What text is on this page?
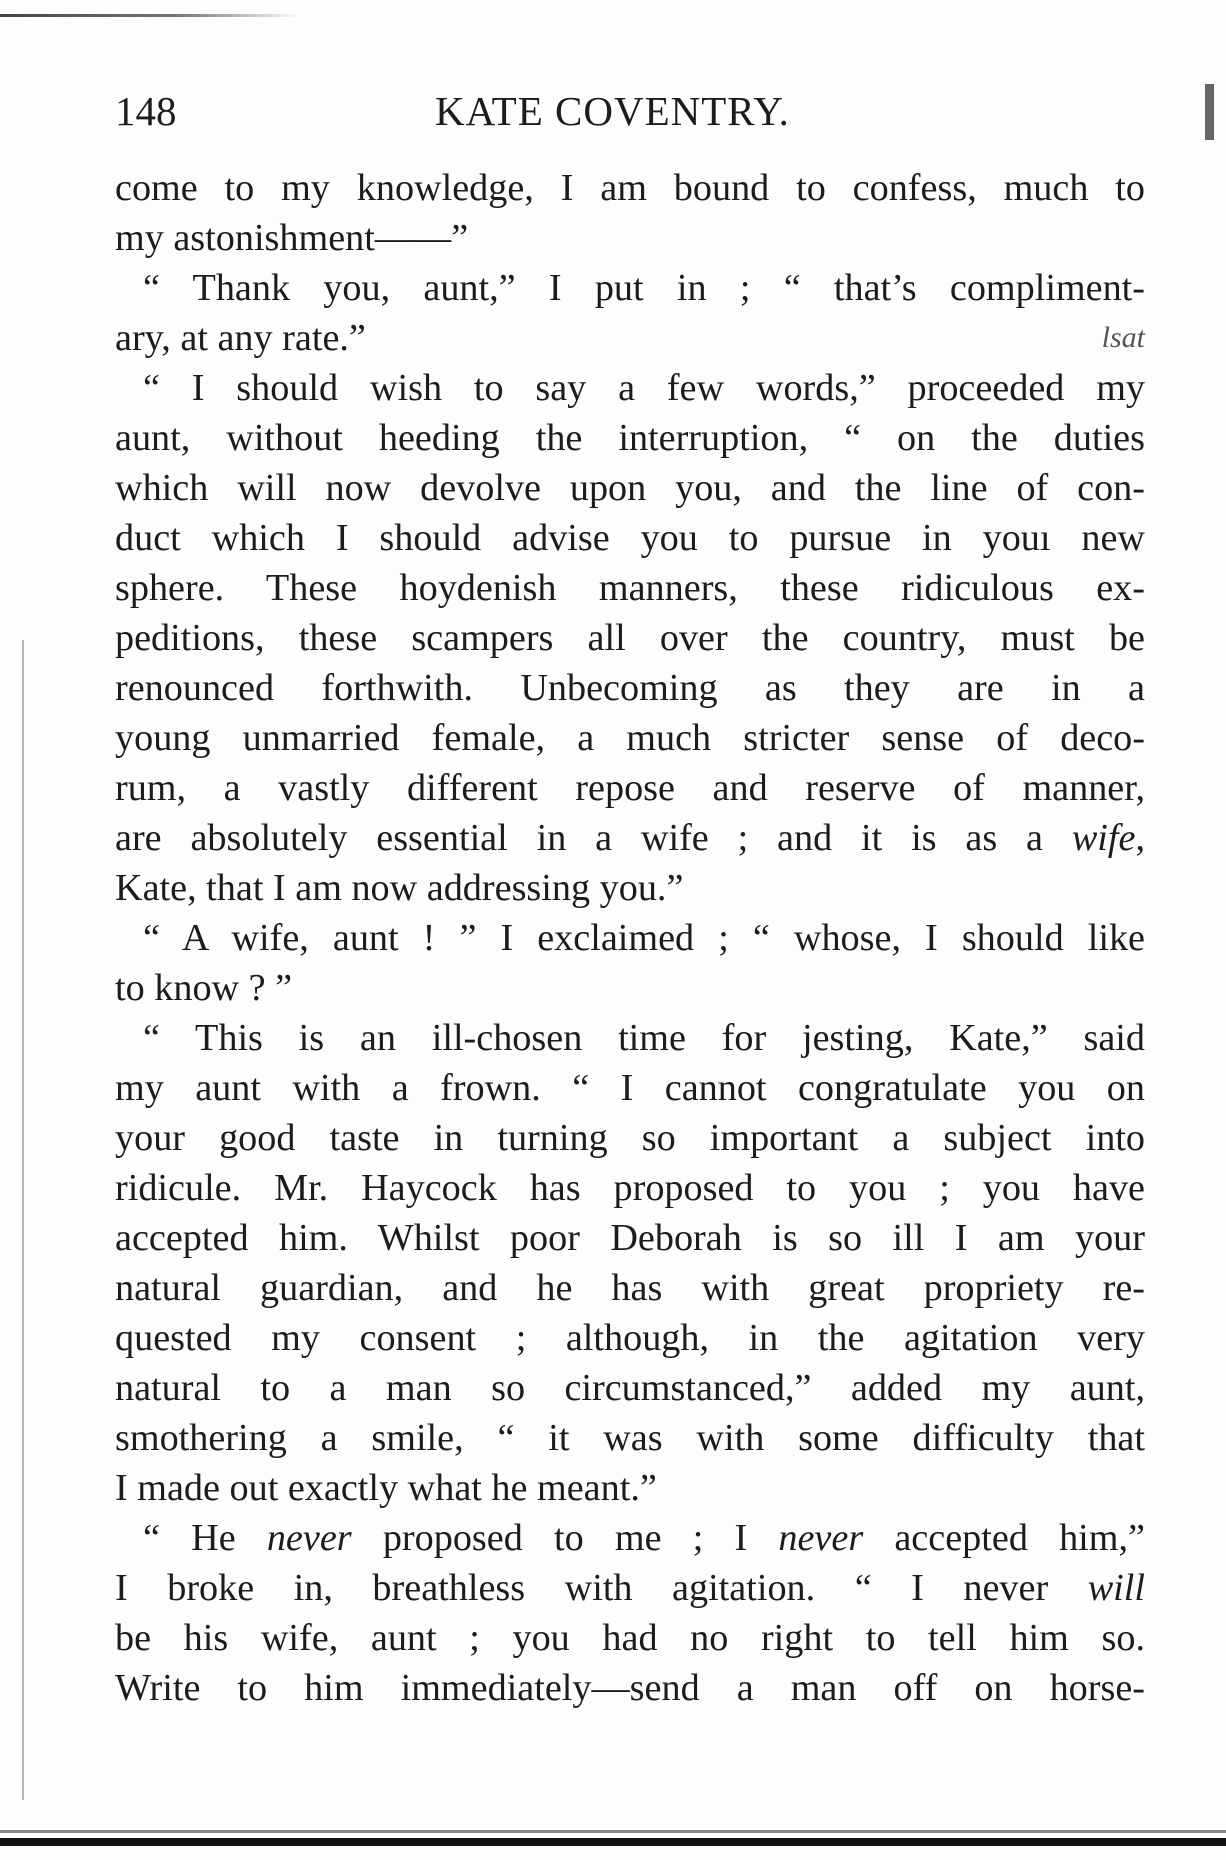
148	KATE COVENTRY.
come to my knowledge, I am bound to confess, much to
my astonishment——”
“ Thank you, aunt,” I put in ; “ that’s compliment-
ary, at any rate.”	lsat
“ I should wish to say a few words,” proceeded my
aunt, without heeding the interruption, “ on the duties
which will now devolve upon you, and the line of con-
duct which I should advise you to pursue in youı new
sphere. These hoydenish manners, these ridiculous ex-
peditions, these scampers all over the country, must be
renounced forthwith. Unbecoming as they are in a
young unmarried female, a much stricter sense of deco-
rum, a vastly different repose and reserve of manner,
are absolutely essential in a wife ; and it is as a wife,
Kate, that I am now addressing you.”
“ A wife, aunt ! ” I exclaimed ; “ whose, I should like
to know ? ”
“ This is an ill-chosen time for jesting, Kate,” said
my aunt with a frown. “ I cannot congratulate you on
your good taste in turning so important a subject into
ridicule. Mr. Haycock has proposed to you ; you have
accepted him. Whilst poor Deborah is so ill I am your
natural guardian, and he has with great propriety re-
quested my consent ; although, in the agitation very
natural to a man so circumstanced,” added my aunt,
smothering a smile, “ it was with some difficulty that
I made out exactly what he meant.”
“ He never proposed to me ; I never accepted him,”
I broke in, breathless with agitation. “ I never will
be his wife, aunt ; you had no right to tell him so.
Write to him immediately—send a man off on horse-
